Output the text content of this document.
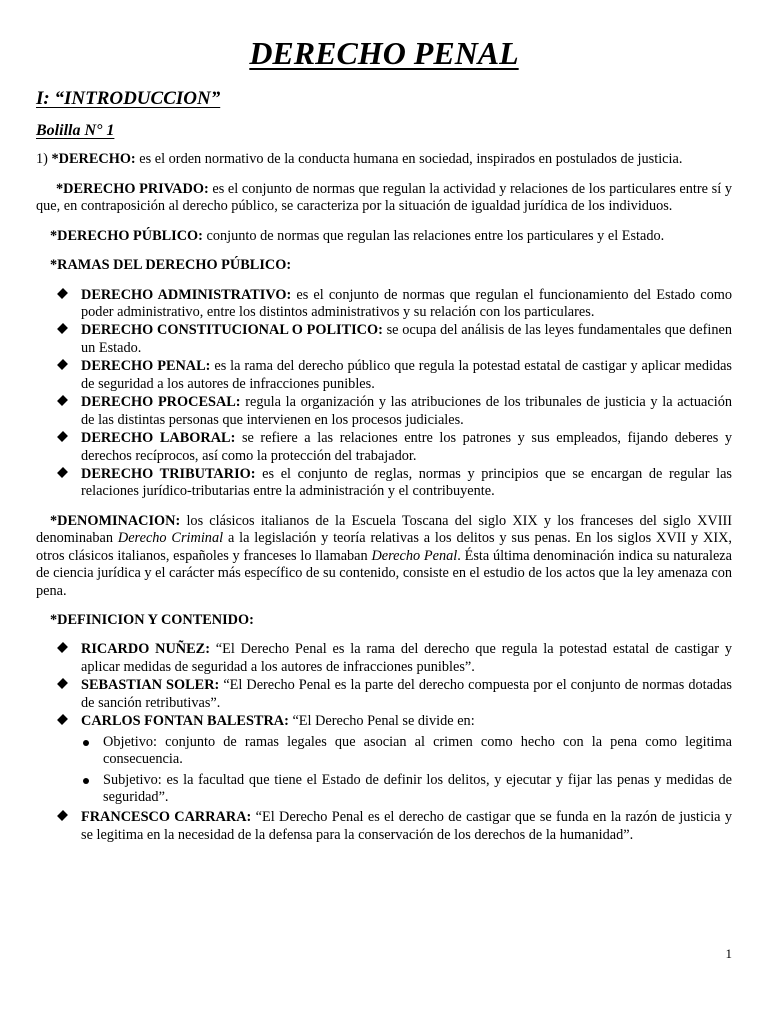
DERECHO PENAL
I: “INTRODUCCION”
Bolilla N° 1

1) *DERECHO: es el orden normativo de la conducta humana en sociedad, inspirados en postulados de justicia.

*DERECHO PRIVADO: es el conjunto de normas que regulan la actividad y relaciones de los particulares entre sí y que, en contraposición al derecho público, se caracteriza por la situación de igualdad jurídica de los individuos.

*DERECHO PÚBLICO: conjunto de normas que regulan las relaciones entre los particulares y el Estado.

*RAMAS DEL DERECHO PÚBLICO:

DERECHO ADMINISTRATIVO: es el conjunto de normas que regulan el funcionamiento del Estado como poder administrativo, entre los distintos administrativos y su relación con los particulares.
DERECHO CONSTITUCIONAL O POLITICO: se ocupa del análisis de las leyes fundamentales que definen un Estado.
DERECHO PENAL: es la rama del derecho público que regula la potestad estatal de castigar y aplicar medidas de seguridad a los autores de infracciones punibles.
DERECHO PROCESAL: regula la organización y las atribuciones de los tribunales de justicia y la actuación de las distintas personas que intervienen en los procesos judiciales.
DERECHO LABORAL: se refiere a las relaciones entre los patrones y sus empleados, fijando deberes y derechos recíprocos, así como la protección del trabajador.
DERECHO TRIBUTARIO: es el conjunto de reglas, normas y principios que se encargan de regular las relaciones jurídico-tributarias entre la administración y el contribuyente.

*DENOMINACION: los clásicos italianos de la Escuela Toscana del siglo XIX y los franceses del siglo XVIII denominaban Derecho Criminal a la legislación y teoría relativas a los delitos y sus penas. En los siglos XVII y XIX, otros clásicos italianos, españoles y franceses lo llamaban Derecho Penal. Ésta última denominación indica su naturaleza de ciencia jurídica y el carácter más específico de su contenido, consiste en el estudio de los actos que la ley amenaza con pena.

*DEFINICION Y CONTENIDO:

RICARDO NUÑEZ: “El Derecho Penal es la rama del derecho que regula la potestad estatal de castigar y aplicar medidas de seguridad a los autores de infracciones punibles”.
SEBASTIAN SOLER: “El Derecho Penal es la parte del derecho compuesta por el conjunto de normas dotadas de sanción retributivas”.
CARLOS FONTAN BALESTRA: “El Derecho Penal se divide en:
Objetivo: conjunto de ramas legales que asocian al crimen como hecho con la pena como legitima consecuencia.
Subjetivo: es la facultad que tiene el Estado de definir los delitos, y ejecutar y fijar las penas y medidas de seguridad”.
FRANCESCO CARRARA: “El Derecho Penal es el derecho de castigar que se funda en la razón de justicia y se legitima en la necesidad de la defensa para la conservación de los derechos de la humanidad”.
1
